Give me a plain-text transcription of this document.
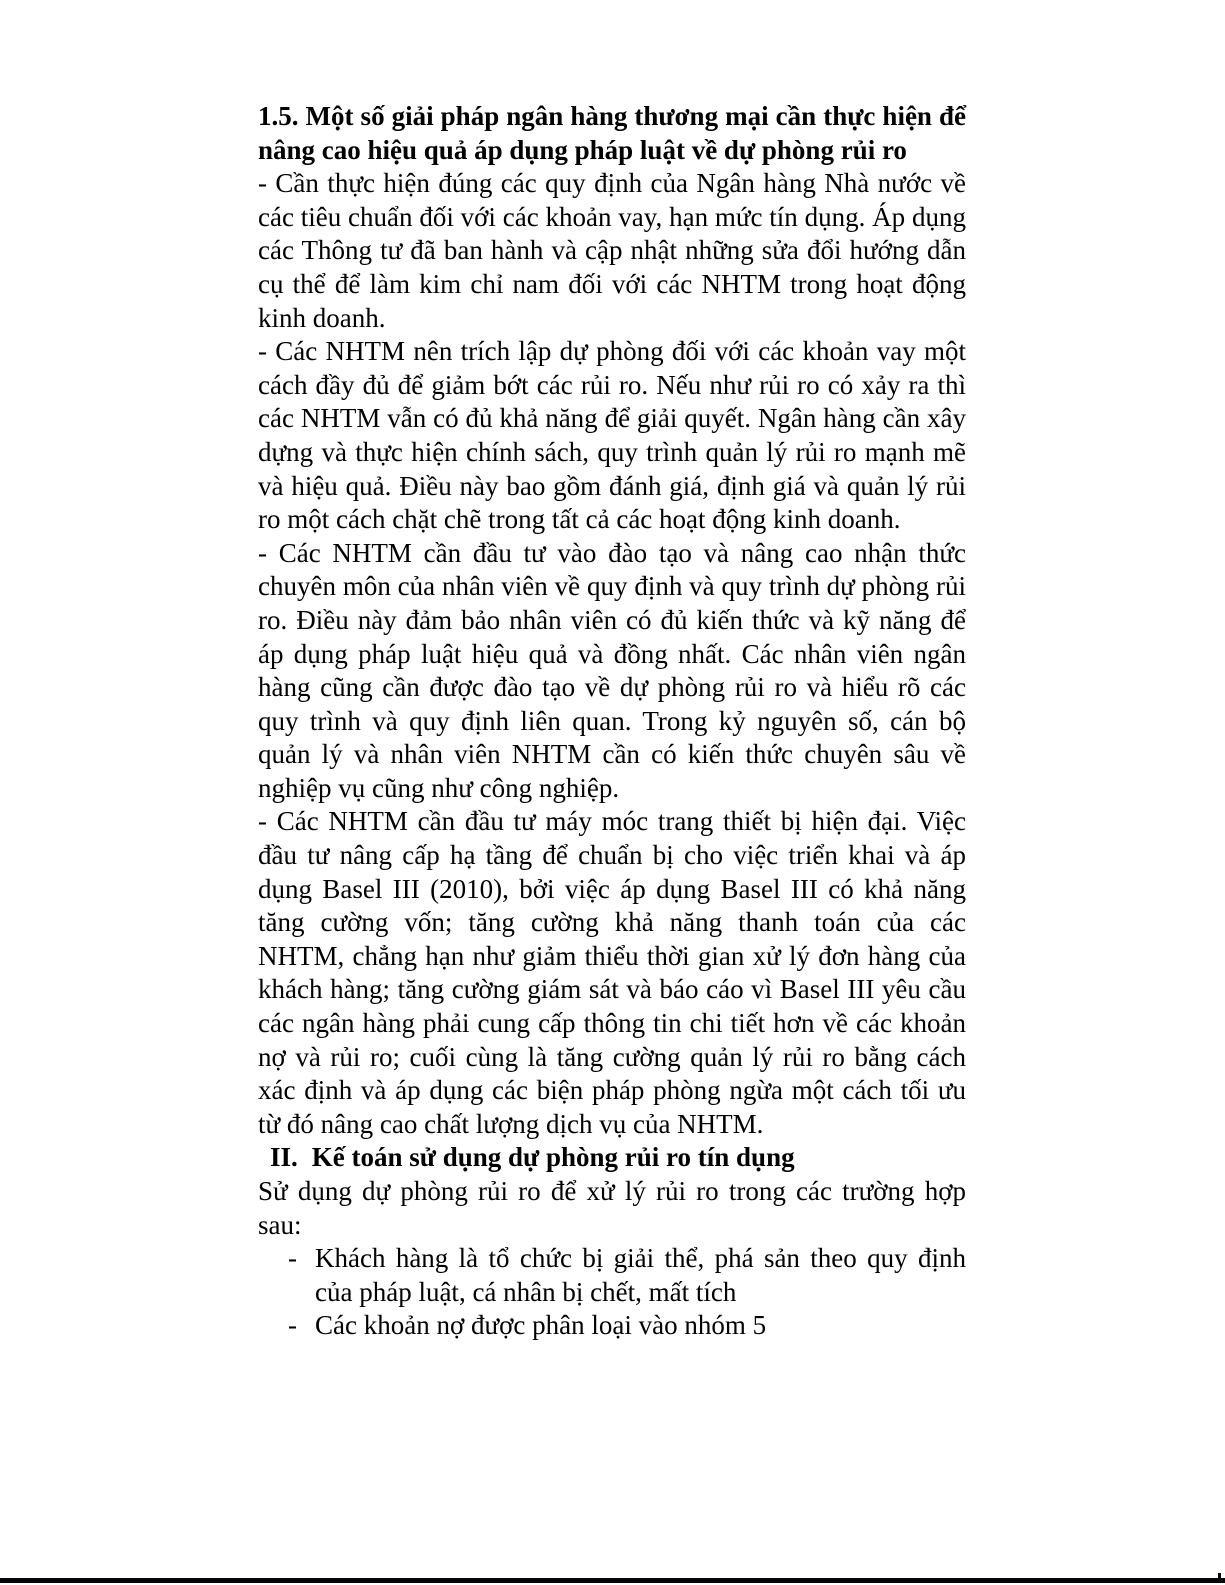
1.5. Một số giải pháp ngân hàng thương mại cần thực hiện để nâng cao hiệu quả áp dụng pháp luật về dự phòng rủi ro

- Cần thực hiện đúng các quy định của Ngân hàng Nhà nước về các tiêu chuẩn đối với các khoản vay, hạn mức tín dụng. Áp dụng các Thông tư đã ban hành và cập nhật những sửa đổi hướng dẫn cụ thể để làm kim chỉ nam đối với các NHTM trong hoạt động kinh doanh.

- Các NHTM nên trích lập dự phòng đối với các khoản vay một cách đầy đủ để giảm bớt các rủi ro. Nếu như rủi ro có xảy ra thì các NHTM vẫn có đủ khả năng để giải quyết. Ngân hàng cần xây dựng và thực hiện chính sách, quy trình quản lý rủi ro mạnh mẽ và hiệu quả. Điều này bao gồm đánh giá, định giá và quản lý rủi ro một cách chặt chẽ trong tất cả các hoạt động kinh doanh.

- Các NHTM cần đầu tư vào đào tạo và nâng cao nhận thức chuyên môn của nhân viên về quy định và quy trình dự phòng rủi ro. Điều này đảm bảo nhân viên có đủ kiến thức và kỹ năng để áp dụng pháp luật hiệu quả và đồng nhất. Các nhân viên ngân hàng cũng cần được đào tạo về dự phòng rủi ro và hiểu rõ các quy trình và quy định liên quan. Trong kỷ nguyên số, cán bộ quản lý và nhân viên NHTM cần có kiến thức chuyên sâu về nghiệp vụ cũng như công nghiệp.

- Các NHTM cần đầu tư máy móc trang thiết bị hiện đại. Việc đầu tư nâng cấp hạ tầng để chuẩn bị cho việc triển khai và áp dụng Basel III (2010), bởi việc áp dụng Basel III có khả năng tăng cường vốn; tăng cường khả năng thanh toán của các NHTM, chẳng hạn như giảm thiểu thời gian xử lý đơn hàng của khách hàng; tăng cường giám sát và báo cáo vì Basel III yêu cầu các ngân hàng phải cung cấp thông tin chi tiết hơn về các khoản nợ và rủi ro; cuối cùng là tăng cường quản lý rủi ro bằng cách xác định và áp dụng các biện pháp phòng ngừa một cách tối ưu từ đó nâng cao chất lượng dịch vụ của NHTM.

II. Kế toán sử dụng dự phòng rủi ro tín dụng

Sử dụng dự phòng rủi ro để xử lý rủi ro trong các trường hợp sau:

- Khách hàng là tổ chức bị giải thể, phá sản theo quy định của pháp luật, cá nhân bị chết, mất tích
- Các khoản nợ được phân loại vào nhóm 5
